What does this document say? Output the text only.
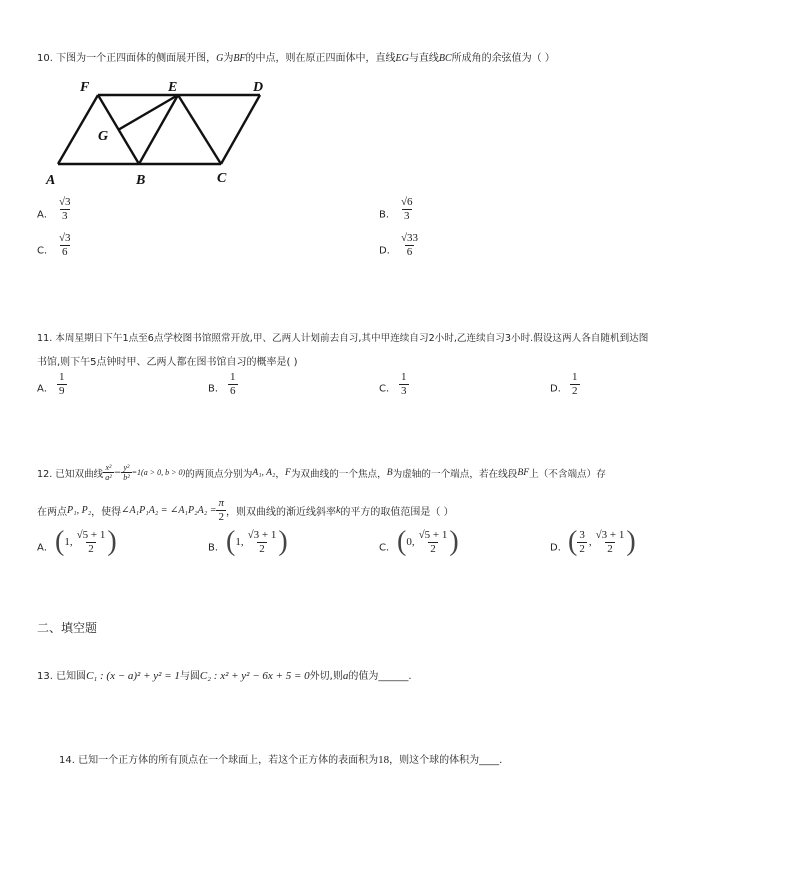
10. 下图为一个正四面体的侧面展开图，G为BF的中点，则在原正四面体中，直线EG与直线BC所成角的余弦值为（ ）
F	E	D
G
A	B	C
A． $\frac{√3}{3}$	B． $\frac{√6}{3}$
C． $\frac{√3}{6}$	D． $\frac{√33}{6}$
11. 本周星期日下午1点至6点学校图书馆照常开放,甲、乙两人计划前去自习,其中甲连续自习2小时,乙连续自习3小时.假设这两人各自随机到达图
书馆,则下午5点钟时甲、乙两人都在图书馆自习的概率是( )
A． $\frac{1}{9}$	B． $\frac{1}{6}$	C． $\frac{1}{3}$	D． $\frac{1}{2}$
12. 已知双曲线 $\frac{\text{x²}}{\text{a²}} - \frac{\text{y²}}{\text{b²}} =1(a > 0$, b > 0) 的两顶点分别为 A₁, A₂ ， F 为双曲线的一个焦点， B 为虚轴的一个端点，若在线段 BF 上（不含端点）存
在两点 P₁, P₂ ，使得 ∠A₁P₁A₂ = ∠A₁P₂A₂ = $\frac{\pi}{2}$ ，则双曲线的渐近线斜率 k 的平方的取值范围是（ ）
A． ( 1, $\frac{√5 + 1}{2}$ )	B． ( 1, $\frac{√3 + 1}{2}$ )	C． ( 0, $\frac{√5 + 1}{2}$ )	D． ( $\frac{3}{2}$ , $\frac{√3 + 1}{2}$ )
二、填空题
13. 已知圆C₁ : (x − a)² + y² = 1与圆C₂ : x² + y² − 6x + 5 = 0外切,则a的值为______.
14. 已知一个正方体的所有顶点在一个球面上，若这个正方体的表面积为18，则这个球的体积为____.
